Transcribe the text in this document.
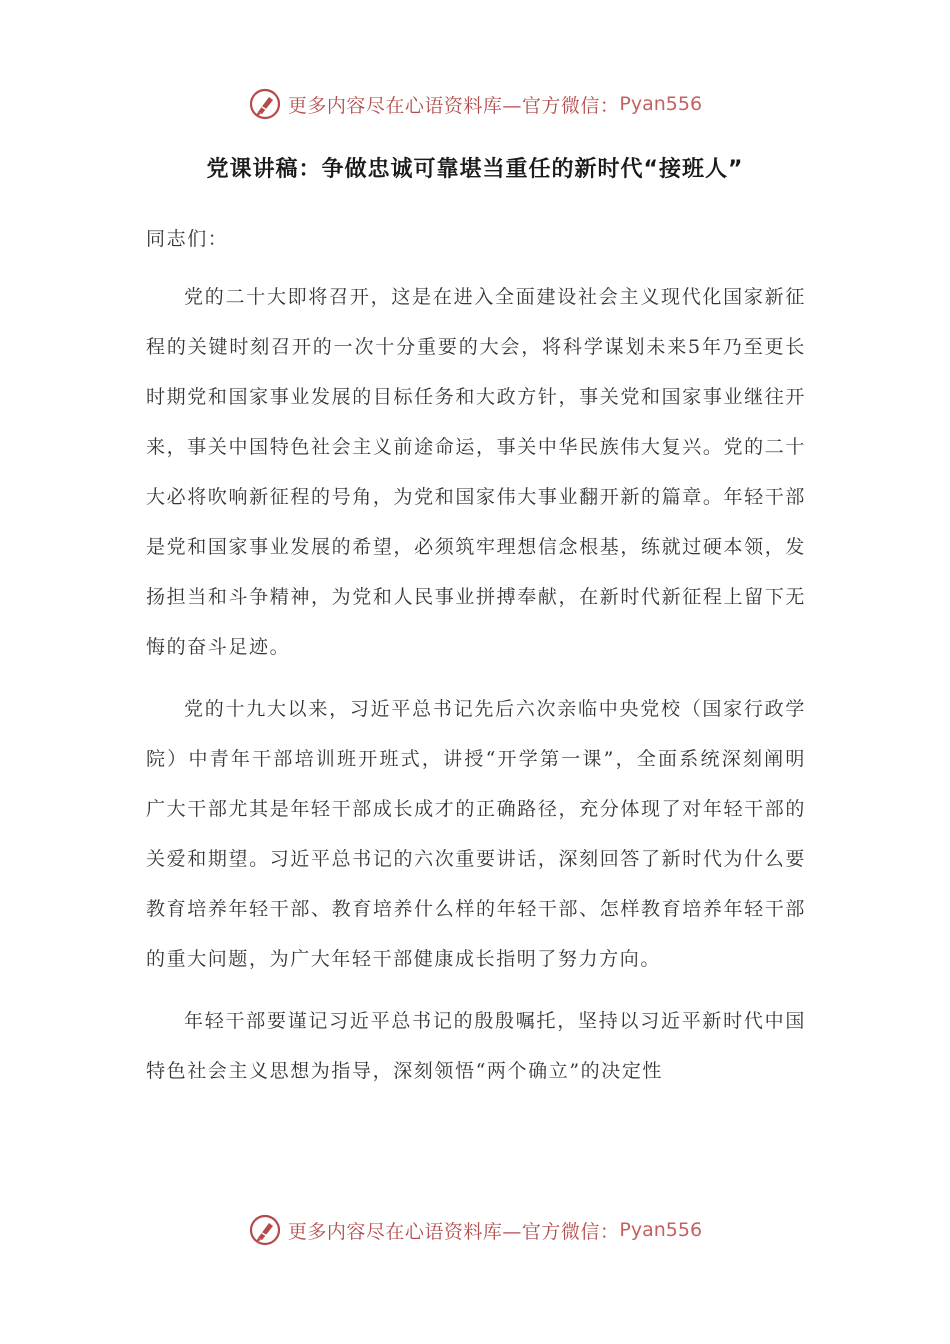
更多内容尽在心语资料库—官方微信： Pyan556
党课讲稿：争做忠诚可靠堪当重任的新时代“接班人”

同志们：

党的二十大即将召开，这是在进入全面建设社会主义现代化国家新征程的关键时刻召开的一次十分重要的大会，将科学谋划未来5年乃至更长时期党和国家事业发展的目标任务和大政方针，事关党和国家事业继往开来，事关中国特色社会主义前途命运，事关中华民族伟大复兴。党的二十大必将吹响新征程的号角，为党和国家伟大事业翻开新的篇章。年轻干部是党和国家事业发展的希望，必须筑牢理想信念根基，练就过硬本领，发扬担当和斗争精神，为党和人民事业拼搏奉献，在新时代新征程上留下无悔的奋斗足迹。

党的十九大以来，习近平总书记先后六次亲临中央党校（国家行政学院）中青年干部培训班开班式，讲授“开学第一课”，全面系统深刻阐明广大干部尤其是年轻干部成长成才的正确路径，充分体现了对年轻干部的关爱和期望。习近平总书记的六次重要讲话，深刻回答了新时代为什么要教育培养年轻干部、教育培养什么样的年轻干部、怎样教育培养年轻干部的重大问题，为广大年轻干部健康成长指明了努力方向。

年轻干部要谨记习近平总书记的殷殷嘱托，坚持以习近平新时代中国特色社会主义思想为指导，深刻领悟“两个确立”的决定性

更多内容尽在心语资料库—官方微信： Pyan556
